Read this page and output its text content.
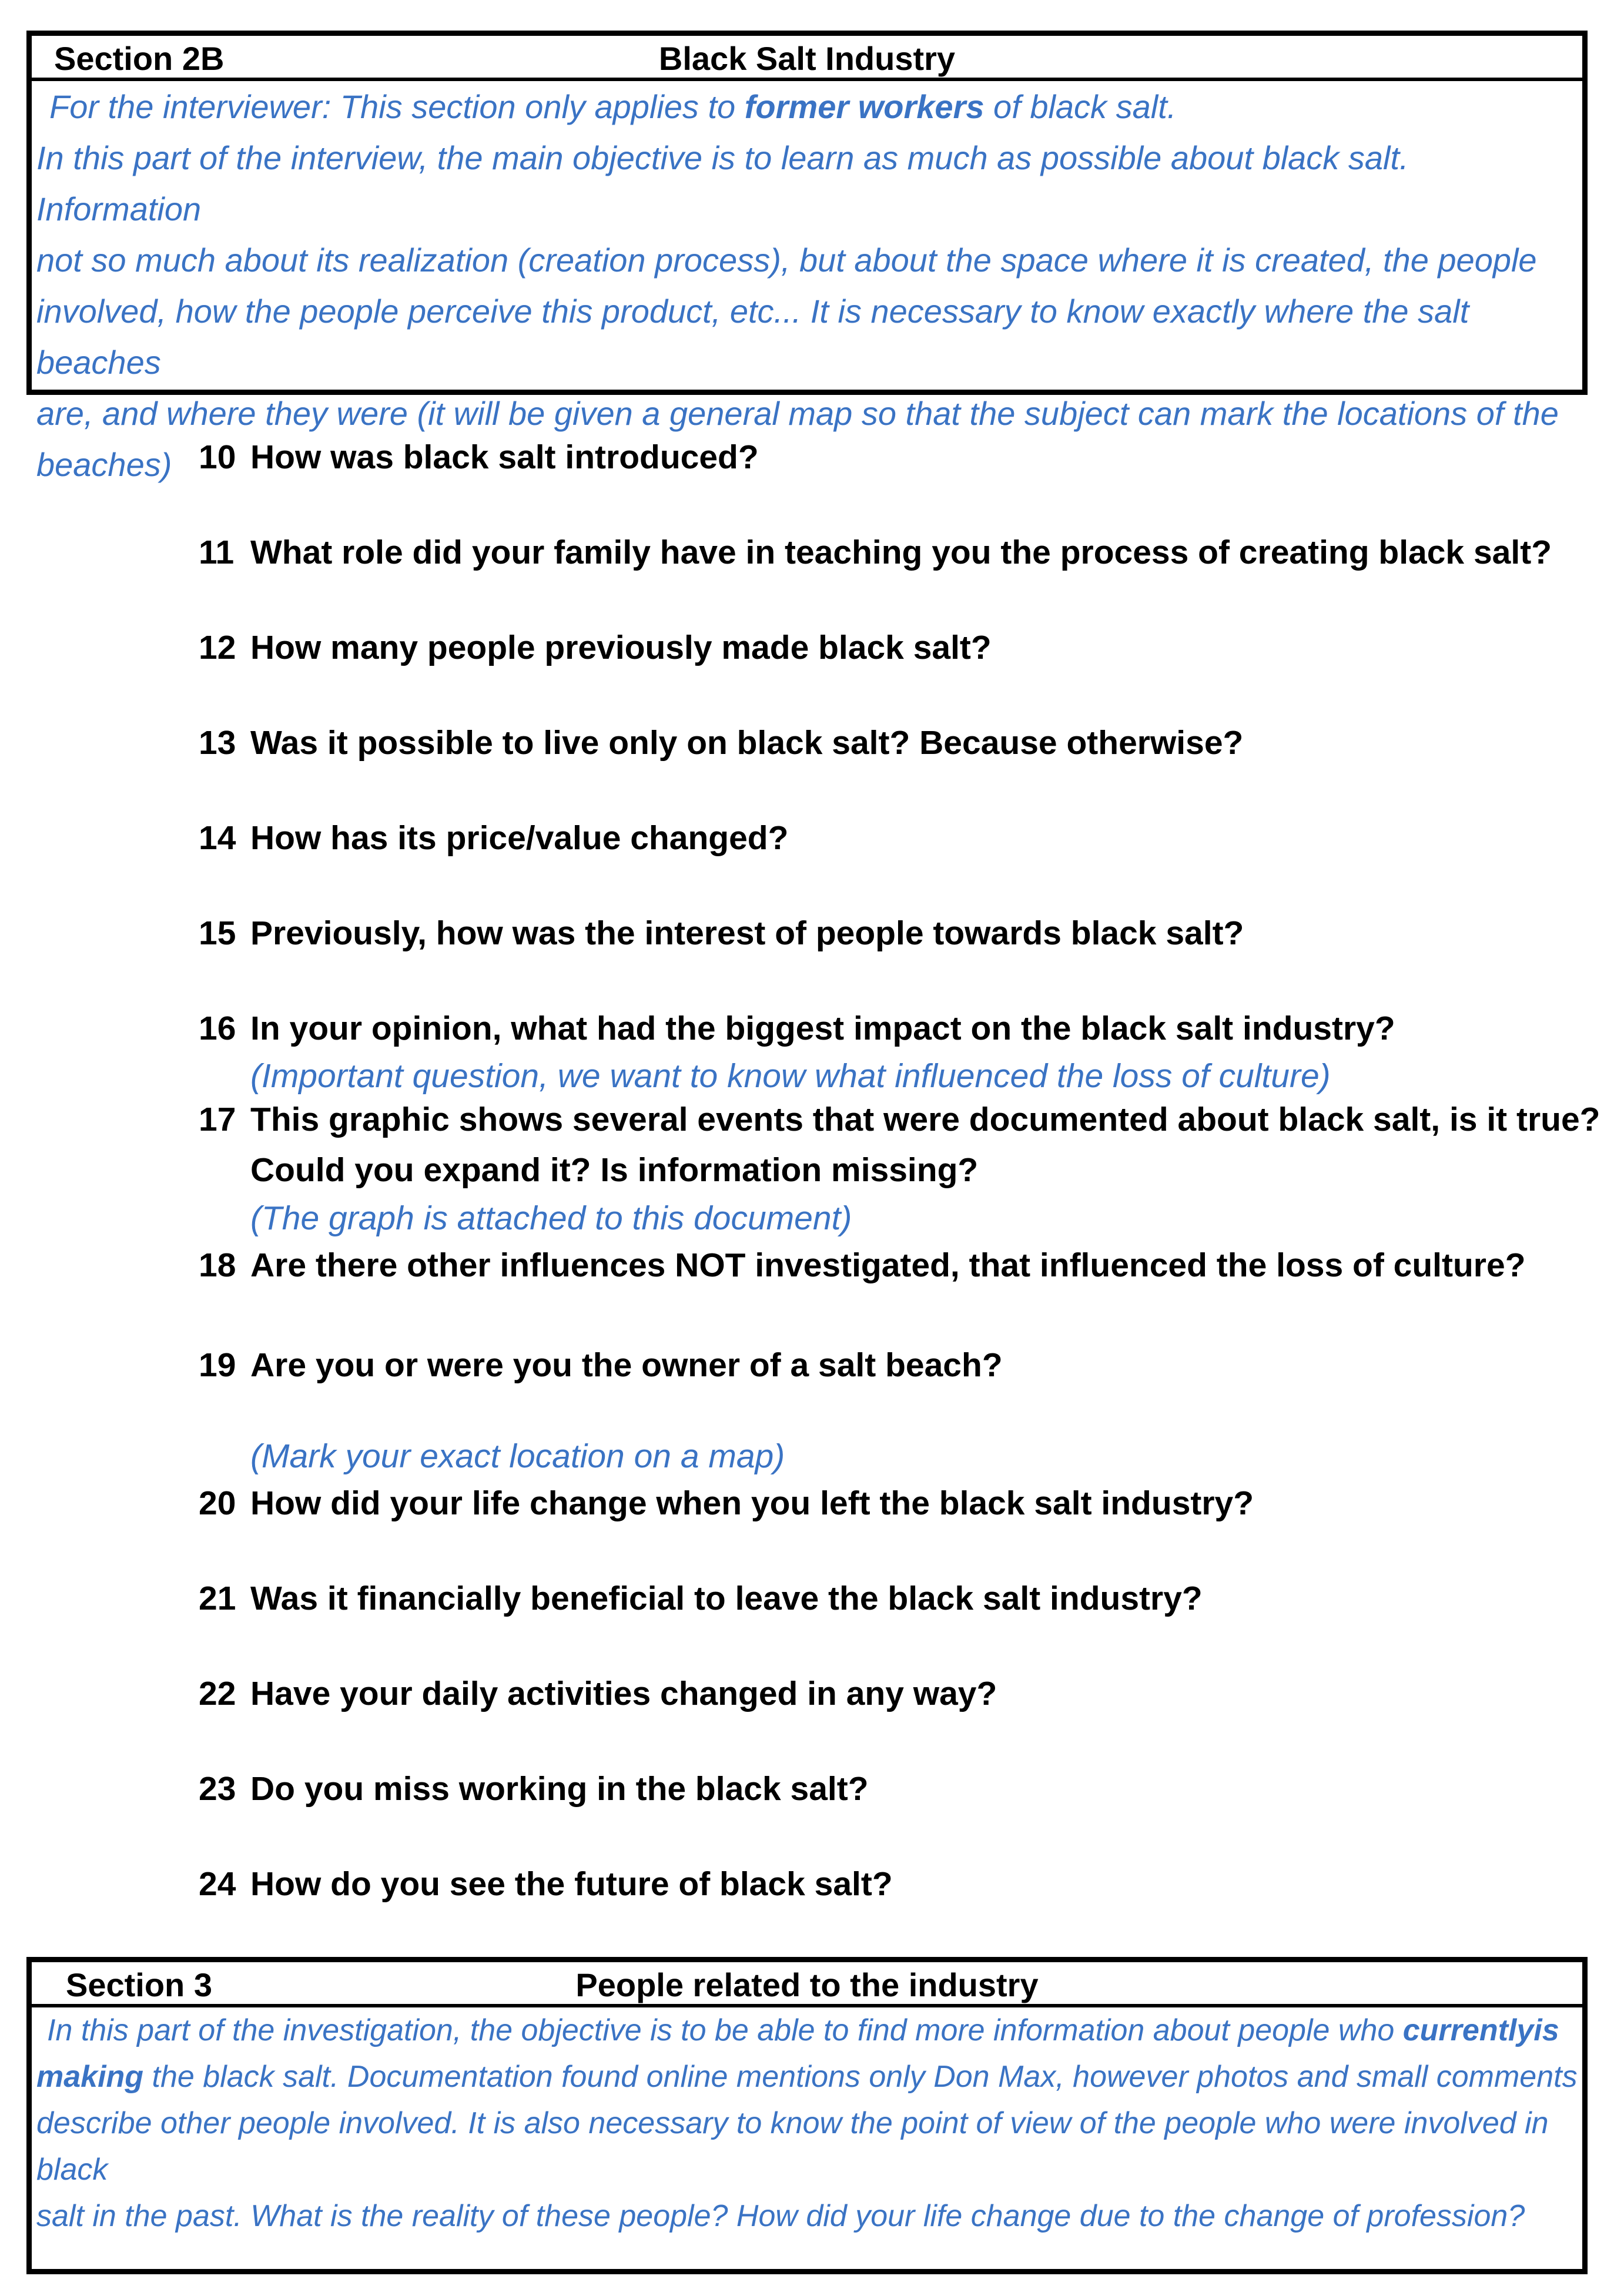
Section 2B	Black Salt Industry
For the interviewer: This section only applies to former workers of black salt.
In this part of the interview, the main objective is to learn as much as possible about black salt. Information
not so much about its realization (creation process), but about the space where it is created, the people
involved, how the people perceive this product, etc... It is necessary to know exactly where the salt beaches
are, and where they were (it will be given a general map so that the subject can mark the locations of the
beaches) 10 How was black salt introduced?
11 What role did your family have in teaching you the process of creating black salt?
12 How many people previously made black salt?
13 Was it possible to live only on black salt? Because otherwise?
14 How has its price/value changed?
15 Previously, how was the interest of people towards black salt?
16 In your opinion, what had the biggest impact on the black salt industry?
(Important question, we want to know what influenced the loss of culture)
17 This graphic shows several events that were documented about black salt, is it true?
Could you expand it? Is information missing?
(The graph is attached to this document)
18 Are there other influences NOT investigated, that influenced the loss of culture?
19 Are you or were you the owner of a salt beach?
(Mark your exact location on a map)
20 How did your life change when you left the black salt industry?
21 Was it financially beneficial to leave the black salt industry?
22 Have your daily activities changed in any way?
23 Do you miss working in the black salt?
24 How do you see the future of black salt?
Section 3	People related to the industry
In this part of the investigation, the objective is to be able to find more information about people who currentlyis
making the black salt. Documentation found online mentions only Don Max, however photos and small comments
describe other people involved. It is also necessary to know the point of view of the people who were involved in black
salt in the past. What is the reality of these people? How did your life change due to the change of profession?
